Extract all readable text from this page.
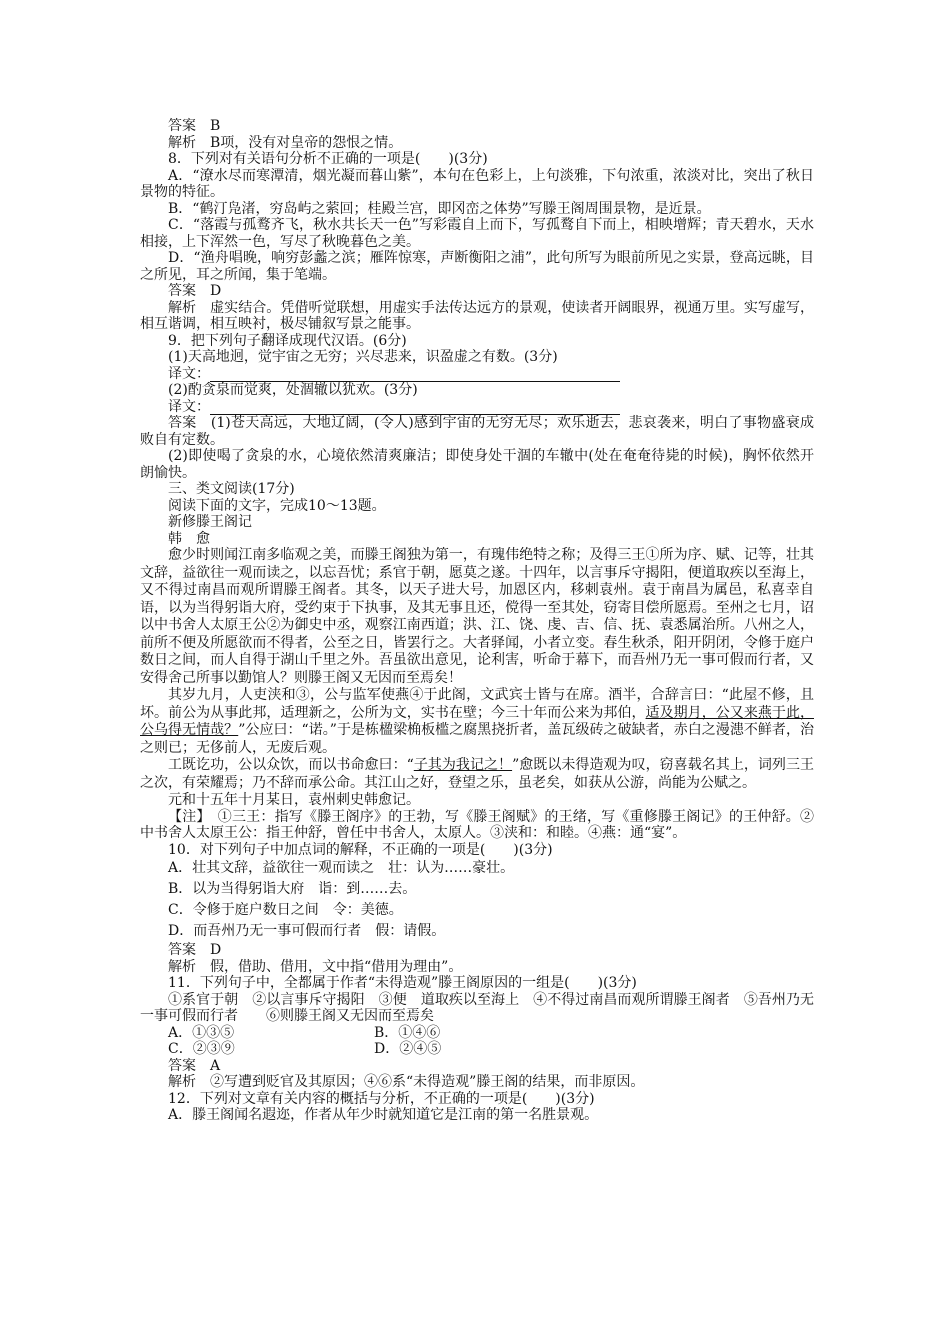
答案　B

解析　B项，没有对皇帝的怨恨之情。

8．下列对有关语句分析不正确的一项是(　　)(3分)

A．“潦水尽而寒潭清，烟光凝而暮山紫”，本句在色彩上，上句淡雅，下句浓重，浓淡对比，突出了秋日景物的特征。

B．“鹤汀凫渚，穷岛屿之萦回；桂殿兰宫，即冈峦之体势”写滕王阁周围景物，是近景。

C．“落霞与孤鹜齐飞，秋水共长天一色”写彩霞自上而下，写孤鹜自下而上，相映增辉；青天碧水，天水相接，上下浑然一色，写尽了秋晚暮色之美。

D．“渔舟唱晚，响穷彭蠡之滨；雁阵惊寒，声断衡阳之浦”，此句所写为眼前所见之实景，登高远眺，目之所见，耳之所闻，集于笔端。

答案　D

解析　虚实结合。凭借听觉联想，用虚实手法传达远方的景观，使读者开阔眼界，视通万里。实写虚写，相互谐调，相互映衬，极尽铺叙写景之能事。

9．把下列句子翻译成现代汉语。(6分)

(1)天高地迥，觉宇宙之无穷；兴尽悲来，识盈虚之有数。(3分)

译文：

(2)酌贪泉而觉爽，处涸辙以犹欢。(3分)

译文：

答案　(1)苍天高远，大地辽阔，(令人)感到宇宙的无穷无尽；欢乐逝去，悲哀袭来，明白了事物盛衰成败自有定数。

(2)即使喝了贪泉的水，心境依然清爽廉洁；即使身处干涸的车辙中(处在奄奄待毙的时候)，胸怀依然开朗愉快。

三、类文阅读(17分)

阅读下面的文字，完成10～13题。

新修滕王阁记

韩　愈

愈少时则闻江南多临观之美，而滕王阁独为第一，有瑰伟绝特之称；及得三王①所为序、赋、记等，壮其文辞，益欲往一观而读之，以忘吾忧；系官于朝，愿莫之遂。十四年，以言事斥守揭阳，便道取疾以至海上，又不得过南昌而观所谓滕王阁者。其冬，以天子进大号，加恩区内，移刺袁州。袁于南昌为属邑，私喜幸自语，以为当得躬诣大府，受约束于下执事，及其无事且还，傥得一至其处，窃寄目偿所愿焉。至州之七月，诏以中书舍人太原王公②为御史中丞，观察江南西道；洪、江、饶、虔、吉、信、抚、袁悉属治所。八州之人，前所不便及所愿欲而不得者，公至之日，皆罢行之。大者驿闻，小者立变。春生秋杀，阳开阴闭，令修于庭户数日之间，而人自得于湖山千里之外。吾虽欲出意见，论利害，听命于幕下，而吾州乃无一事可假而行者，又安得舍己所事以勤馆人？则滕王阁又无因而至焉矣！

其岁九月，人吏浃和③，公与监军使燕④于此阁，文武宾士皆与在席。酒半，合辞言曰：“此屋不修，且坏。前公为从事此邦，适理新之，公所为文，实书在壁；今三十年而公来为邦伯，适及期月，公又来燕于此，公乌得无情哉？”公应曰：“诺。”于是栋楹梁桷板槛之腐黑挠折者，盖瓦级砖之破缺者，赤白之漫漶不鲜者，治之则已；无侈前人，无废后观。

工既讫功，公以众饮，而以书命愈曰：“子其为我记之！”愈既以未得造观为叹，窃喜载名其上，词列三王之次，有荣耀焉；乃不辞而承公命。其江山之好，登望之乐，虽老矣，如获从公游，尚能为公赋之。

元和十五年十月某日，袁州刺史韩愈记。

【注】　①三王：指写《滕王阁序》的王勃，写《滕王阁赋》的王绪，写《重修滕王阁记》的王仲舒。②中书舍人太原王公：指王仲舒，曾任中书舍人，太原人。③浃和：和睦。④燕：通“宴”。

10．对下列句子中加点词的解释，不正确的一项是(　　)(3分)

A．壮其文辞，益欲往一观而读之　壮：认为……豪壮。

B．以为当得躬诣大府　诣：到……去。

C．令修于庭户数日之间　令：美德。

D．而吾州乃无一事可假而行者　假：请假。

答案　D

解析　假，借助、借用，文中指“借用为理由”。

11．下列句子中，全都属于作者“未得造观”滕王阁原因的一组是(　　)(3分)

①系官于朝　②以言事斥守揭阳　③便　道取疾以至海上　④不得过南昌而观所谓滕王阁者　⑤吾州乃无一事可假而行者　　⑥则滕王阁又无因而至焉矣

A．①③⑤	B．①④⑥
C．②③⑨	D．②④⑤

答案　A

解析　②写遭到贬官及其原因；④⑥系“未得造观”滕王阁的结果，而非原因。

12．下列对文章有关内容的概括与分析，不正确的一项是(　　)(3分)

A．滕王阁闻名遐迩，作者从年少时就知道它是江南的第一名胜景观。
